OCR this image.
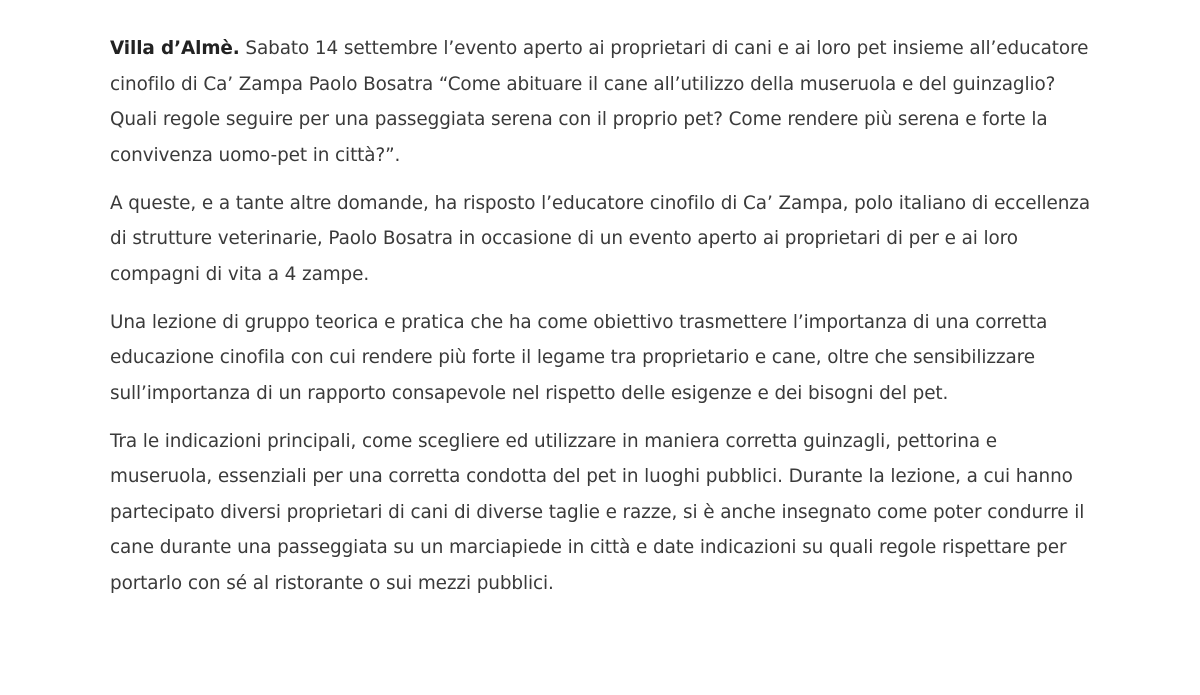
Villa d’Almè. Sabato 14 settembre l’evento aperto ai proprietari di cani e ai loro pet insieme all’educatore cinofilo di Ca’ Zampa Paolo Bosatra “Come abituare il cane all’utilizzo della museruola e del guinzaglio? Quali regole seguire per una passeggiata serena con il proprio pet? Come rendere più serena e forte la convivenza uomo-pet in città?”.

A queste, e a tante altre domande, ha risposto l’educatore cinofilo di Ca’ Zampa, polo italiano di eccellenza di strutture veterinarie, Paolo Bosatra in occasione di un evento aperto ai proprietari di per e ai loro compagni di vita a 4 zampe.

Una lezione di gruppo teorica e pratica che ha come obiettivo trasmettere l’importanza di una corretta educazione cinofila con cui rendere più forte il legame tra proprietario e cane, oltre che sensibilizzare sull’importanza di un rapporto consapevole nel rispetto delle esigenze e dei bisogni del pet.

Tra le indicazioni principali, come scegliere ed utilizzare in maniera corretta guinzagli, pettorina e museruola, essenziali per una corretta condotta del pet in luoghi pubblici. Durante la lezione, a cui hanno partecipato diversi proprietari di cani di diverse taglie e razze, si è anche insegnato come poter condurre il cane durante una passeggiata su un marciapiede in città e date indicazioni su quali regole rispettare per portarlo con sé al ristorante o sui mezzi pubblici.
